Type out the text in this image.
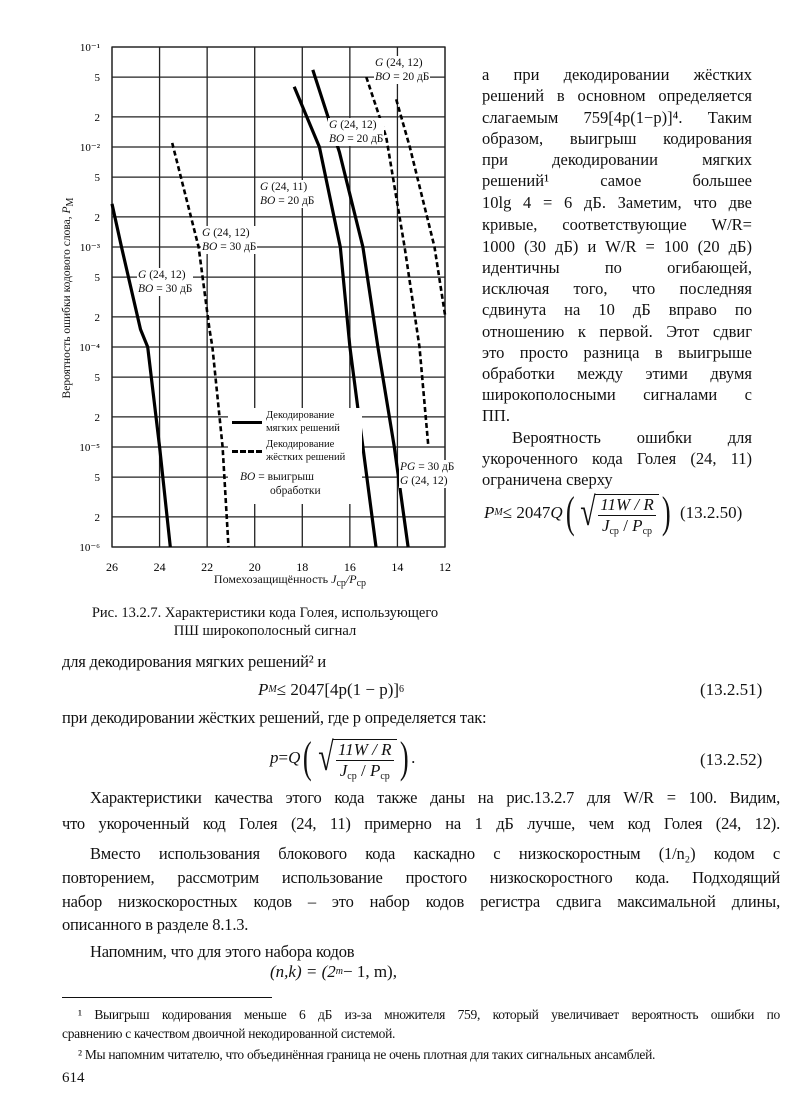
10⁻¹
5
2
10⁻²
5
2
10⁻³
5
2
10⁻⁴
5
2
10⁻⁵
5
2
10⁻⁶
26	24	22	20	18	16	14	12
G (24, 12)
BO = 20 дБ
G (24, 12)
BO = 20 дБ
G (24, 11)
BO = 20 дБ
G (24, 12)
BO = 30 дБ
G (24, 12)
BO = 30 дБ
PG = 30 дБ
G (24, 12)
Декодирование
мягких решений
Декодирование
жёстких решений
BO = выигрыш
обработки
Вероятность ошибки кодового слова, $P_M$
Помехозащищённость $J_{ср}/P_{ср}$
Рис. 13.2.7. Характеристики кода Голея, использующего
ПШ широкополосный сигнал
а при декодировании жёстких
решений в основном определяется
слагаемым 759[4p(1−p)]⁴. Таким
образом, выигрыш кодирования
при декодировании мягких
решений¹ самое большее
10lg 4 = 6 дБ. Заметим, что две
кривые, соответствующие W/R=
1000 (30 дБ) и W/R = 100 (20 дБ)
идентичны по огибающей,
исключая того, что последняя
сдвинута на 10 дБ вправо по
отношению к первой. Этот сдвиг
это просто разница в выигрыше
обработки между этими двумя
широкополосными сигналами с
ПП.
Вероятность ошибки для
укороченного кода Голея (24, 11)
ограничена сверху
P M ≤ 2047 Q ( √ $\frac{11W / R}{J_{ср} / P_{ср}}$ ) (13.2.50)
для декодирования мягких решений² и
P M ≤ 2047[4p(1 − p)] 6	(13.2.51)
при декодировании жёстких решений, где p определяется так:
p = Q ( √ $\frac{11W / R}{J_{ср} / P_{ср}}$ ) .	(13.2.52)
Характеристики качества этого кода также даны на рис.13.2.7 для W/R = 100. Видим,
что укороченный код Голея (24, 11) примерно на 1 дБ лучше, чем код Голея (24, 12).
Вместо использования блокового кода каскадно с низкоскоростным (1/n₂) кодом с
повторением, рассмотрим использование простого низкоскоростного кода. Подходящий
набор низкоскоростных кодов – это набор кодов регистра сдвига максимальной длины,
описанного в разделе 8.1.3.
Напомним, что для этого набора кодов
(n,k) = (2 m − 1, m),
¹ Выигрыш кодирования меньше 6 дБ из-за множителя 759, который увеличивает вероятность ошибки по
сравнению с качеством двоичной некодированной системой.
² Мы напомним читателю, что объединённая граница не очень плотная для таких сигнальных ансамблей.
614
